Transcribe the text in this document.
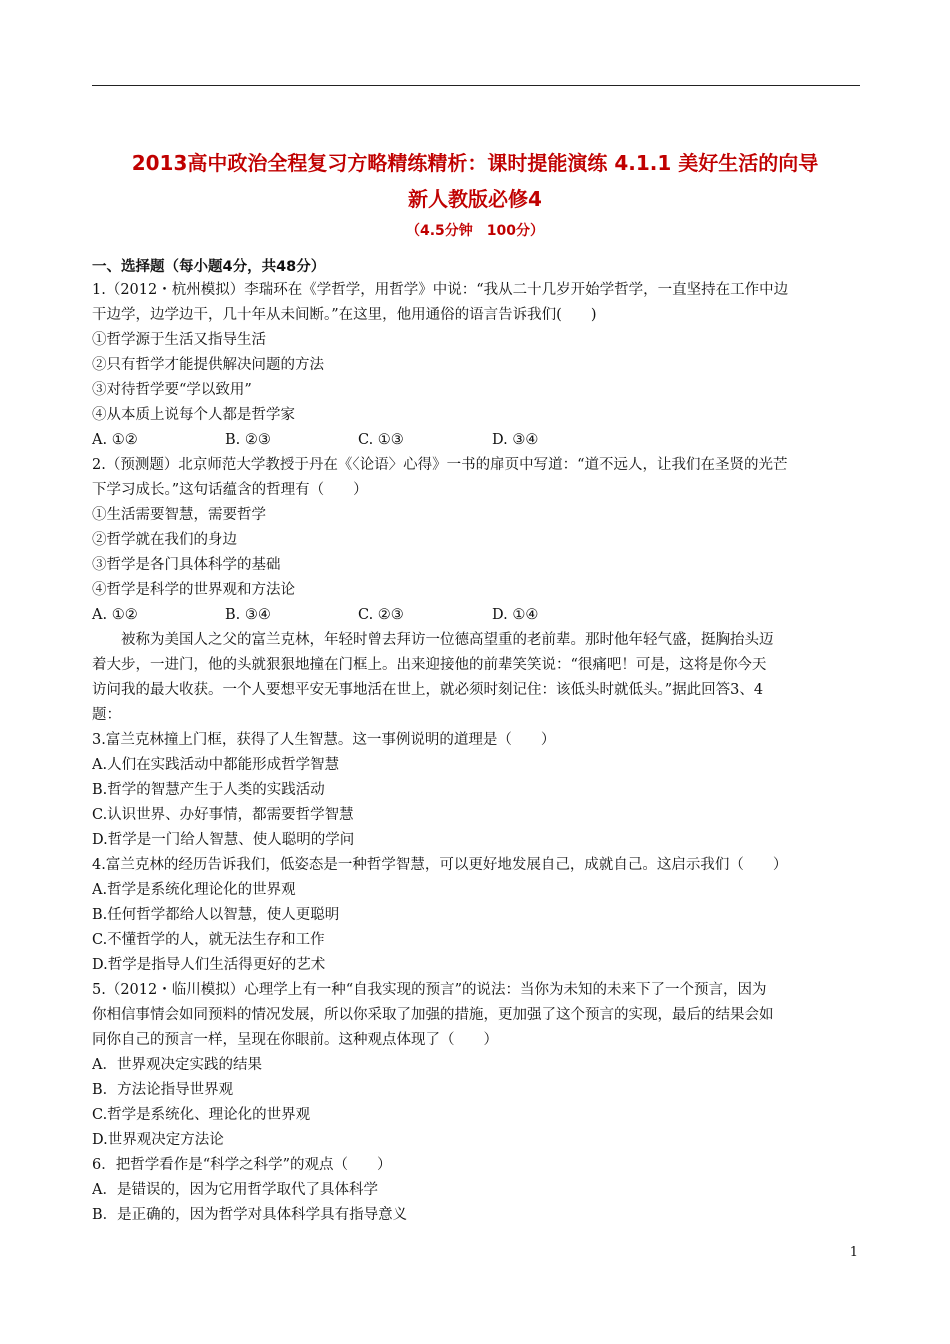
2013高中政治全程复习方略精练精析：课时提能演练 4.1.1 美好生活的向导
新人教版必修4
（4.5分钟　100分）
一、选择题（每小题4分，共48分）
1.（2012・杭州模拟）李瑞环在《学哲学，用哲学》中说：“我从二十几岁开始学哲学，一直坚持在工作中边
干边学，边学边干，几十年从未间断。”在这里，他用通俗的语言告诉我们(　　)
①哲学源于生活又指导生活
②只有哲学才能提供解决问题的方法
③对待哲学要“学以致用”
④从本质上说每个人都是哲学家
A. ①②	B. ②③	C. ①③	D. ③④
2.（预测题）北京师范大学教授于丹在《〈论语〉心得》一书的扉页中写道：“道不远人，让我们在圣贤的光芒
下学习成长。”这句话蕴含的哲理有（　　）
①生活需要智慧，需要哲学
②哲学就在我们的身边
③哲学是各门具体科学的基础
④哲学是科学的世界观和方法论
A. ①②	B. ③④	C. ②③	D. ①④
　　被称为美国人之父的富兰克林，年轻时曾去拜访一位德高望重的老前辈。那时他年轻气盛，挺胸抬头迈
着大步，一进门，他的头就狠狠地撞在门框上。出来迎接他的前辈笑笑说：“很痛吧！可是，这将是你今天
访问我的最大收获。一个人要想平安无事地活在世上，就必须时刻记住：该低头时就低头。”据此回答3、4
题：
3.富兰克林撞上门框，获得了人生智慧。这一事例说明的道理是（　　）
A.人们在实践活动中都能形成哲学智慧
B.哲学的智慧产生于人类的实践活动
C.认识世界、办好事情，都需要哲学智慧
D.哲学是一门给人智慧、使人聪明的学问
4.富兰克林的经历告诉我们，低姿态是一种哲学智慧，可以更好地发展自己，成就自己。这启示我们（　　）
A.哲学是系统化理论化的世界观
B.任何哲学都给人以智慧，使人更聪明
C.不懂哲学的人，就无法生存和工作
D.哲学是指导人们生活得更好的艺术
5.（2012・临川模拟）心理学上有一种“自我实现的预言”的说法：当你为未知的未来下了一个预言，因为
你相信事情会如同预料的情况发展，所以你采取了加强的措施，更加强了这个预言的实现，最后的结果会如
同你自己的预言一样，呈现在你眼前。这种观点体现了（　　）
A．世界观决定实践的结果
B．方法论指导世界观
C.哲学是系统化、理论化的世界观
D.世界观决定方法论
6．把哲学看作是“科学之科学”的观点（　　）
A．是错误的，因为它用哲学取代了具体科学
B．是正确的，因为哲学对具体科学具有指导意义
1
